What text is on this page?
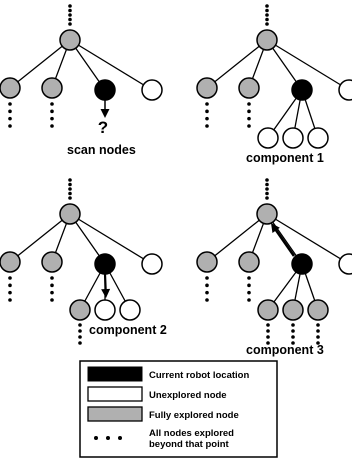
scan nodes
component 1
component 2
component 3
?
Current robot location
Unexplored node
Fully explored node
All nodes explored
beyond that point
